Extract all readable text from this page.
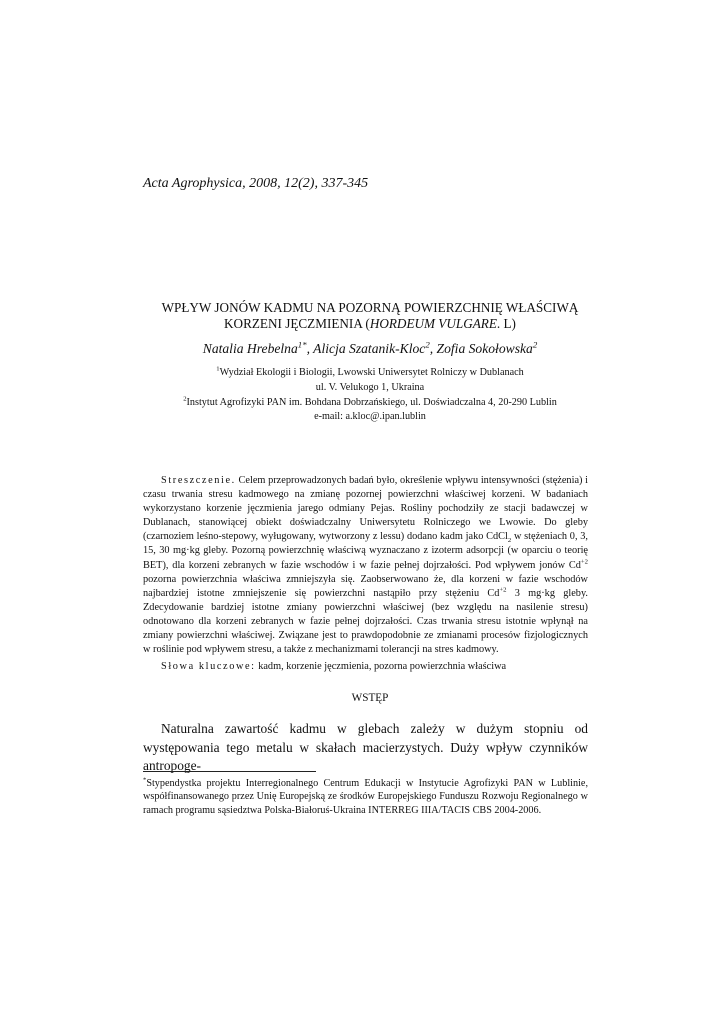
Acta Agrophysica, 2008, 12(2), 337-345
WPŁYW JONÓW KADMU NA POZORNĄ POWIERZCHNIĘ WŁAŚCIWĄ
KORZENI JĘCZMIENIA (HORDEUM VULGARE. L)
Natalia Hrebelna$^{1*}$, Alicja Szatanik-Kloc$^2$, Zofia Sokołowska$^2$
$^1$Wydział Ekologii i Biologii, Lwowski Uniwersytet Rolniczy w Dublanach
ul. V. Velukogo 1, Ukraina
$^2$Instytut Agrofizyki PAN im. Bohdana Dobrzańskiego, ul. Doświadczalna 4, 20-290 Lublin
e-mail: a.kloc@.ipan.lublin
Streszczenie. Celem przeprowadzonych badań było, określenie wpływu intensywności (stężenia) i czasu trwania stresu kadmowego na zmianę pozornej powierzchni właściwej korzeni. W badaniach wykorzystano korzenie jęczmienia jarego odmiany Pejas. Rośliny pochodziły ze stacji badawczej w Dublanach, stanowiącej obiekt doświadczalny Uniwersytetu Rolniczego we Lwowie. Do gleby (czarnoziem leśno-stepowy, wyługowany, wytworzony z lessu) dodano kadm jako CdCl$_2$ w stężeniach 0, 3, 15, 30 mg·kg gleby. Pozorną powierzchnię właściwą wyznaczano z izoterm adsorpcji (w oparciu o teorię BET), dla korzeni zebranych w fazie wschodów i w fazie pełnej dojrzałości. Pod wpływem jonów $Cd^{+2}$ pozorna powierzchnia właściwa zmniejszyła się. Zaobserwowano że, dla korzeni w fazie wschodów najbardziej istotne zmniejszenie się powierzchni nastąpiło przy stężeniu $Cd^{+2}$ 3 mg·kg gleby. Zdecydowanie bardziej istotne zmiany powierzchni właściwej (bez względu na nasilenie stresu) odnotowano dla korzeni zebranych w fazie pełnej dojrzałości. Czas trwania stresu istotnie wpłynął na zmiany powierzchni właściwej. Związane jest to prawdopodobnie ze zmianami procesów fizjologicznych w roślinie pod wpływem stresu, a także z mechanizmami tolerancji na stres kadmowy.
Słowa kluczowe: kadm, korzenie jęczmienia, pozorna powierzchnia właściwa
WSTĘP
Naturalna zawartość kadmu w glebach zależy w dużym stopniu od występowania tego metalu w skałach macierzystych. Duży wpływ czynników antropoge-
*Stypendystka projektu Interregionalnego Centrum Edukacji w Instytucie Agrofizyki PAN w Lublinie, współfinansowanego przez Unię Europejską ze środków Europejskiego Funduszu Rozwoju Regionalnego w ramach programu sąsiedztwa Polska-Białoruś-Ukraina INTERREG IIIA/TACIS CBS 2004-2006.
